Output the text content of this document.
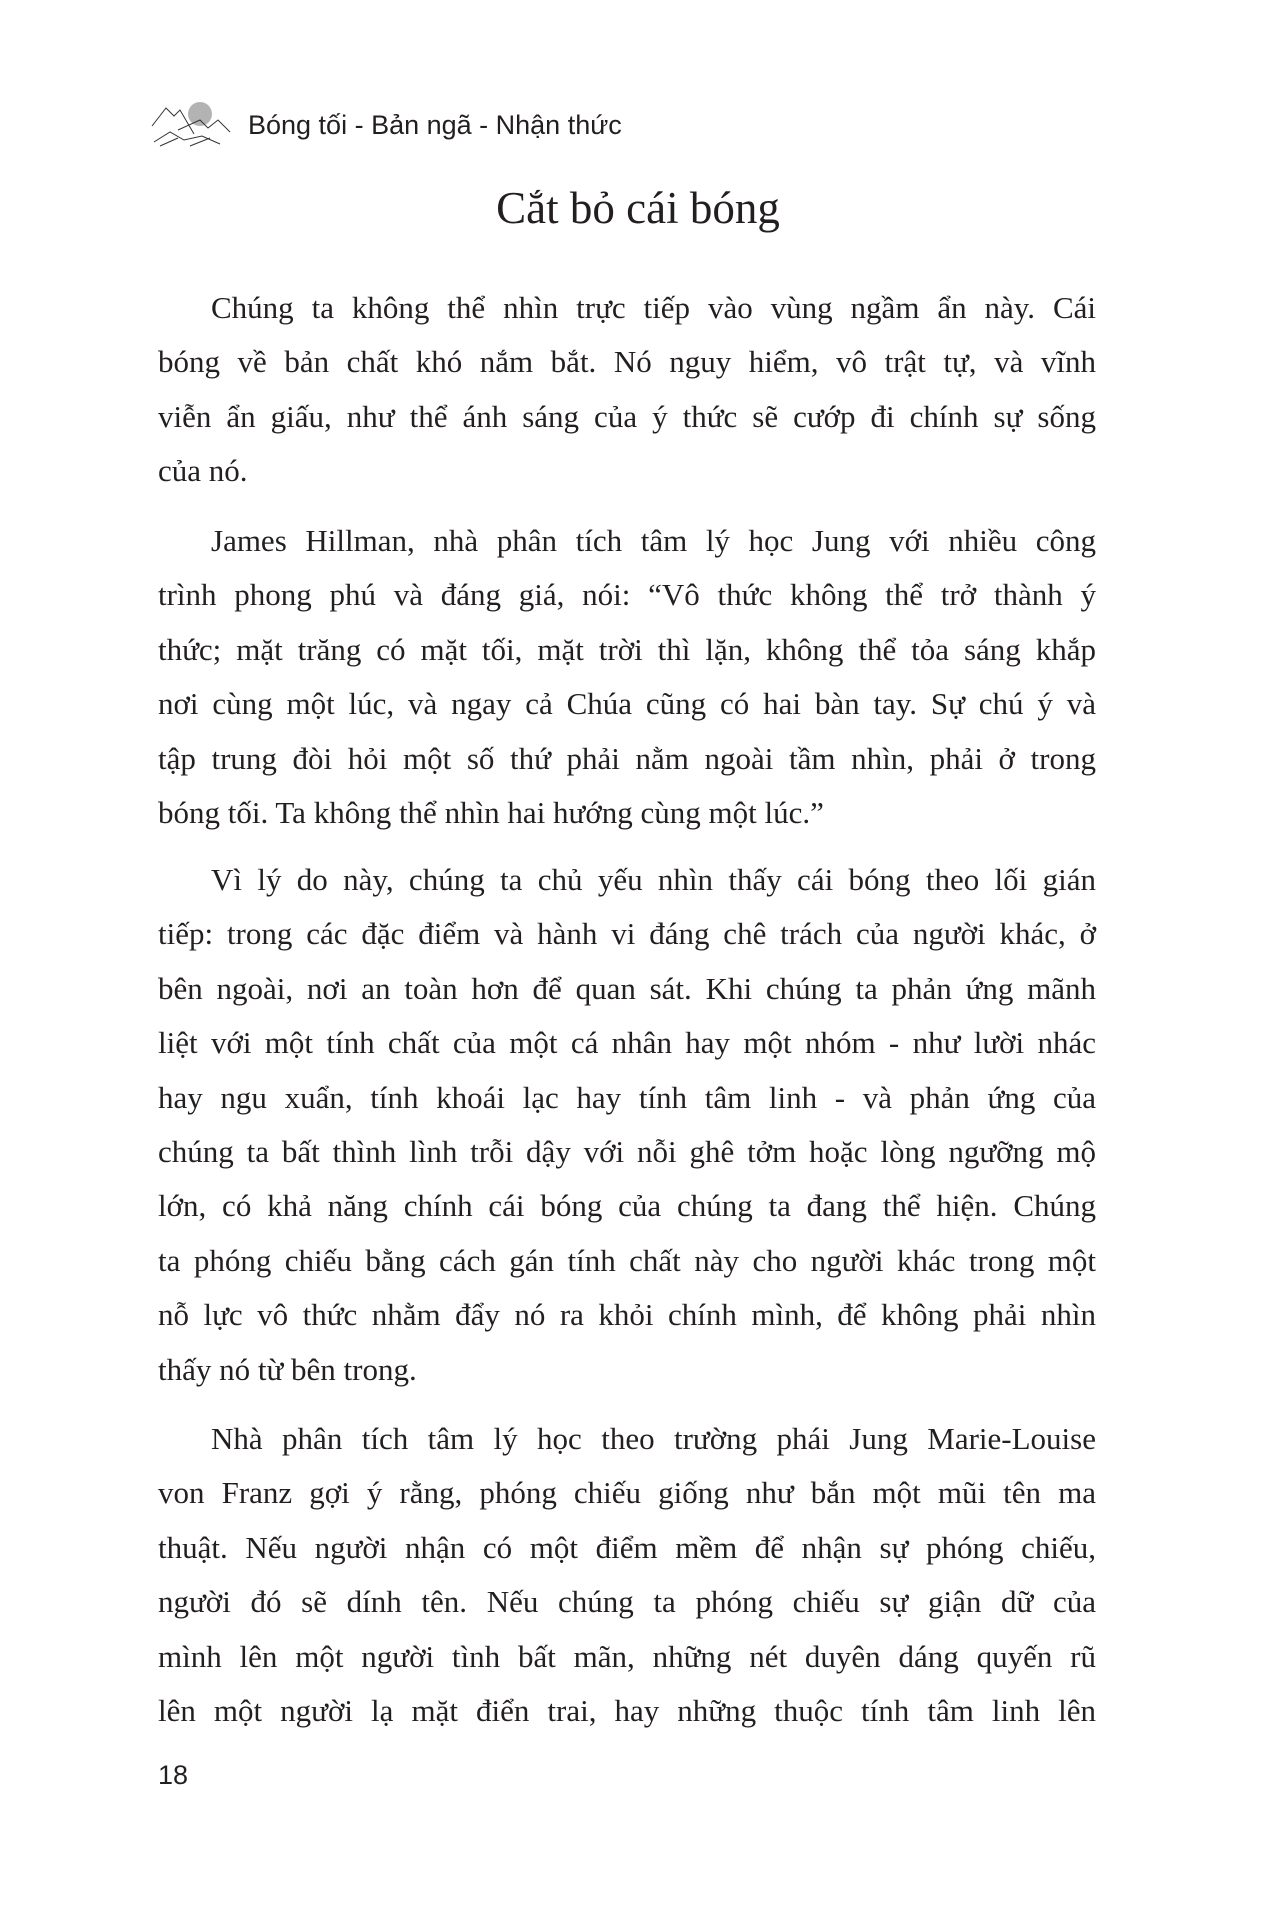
Bóng tối - Bản ngã - Nhận thức
Cắt bỏ cái bóng
Chúng ta không thể nhìn trực tiếp vào vùng ngầm ẩn này. Cái
bóng về bản chất khó nắm bắt. Nó nguy hiểm, vô trật tự, và vĩnh
viễn ẩn giấu, như thể ánh sáng của ý thức sẽ cướp đi chính sự sống
của nó.
James Hillman, nhà phân tích tâm lý học Jung với nhiều công
trình phong phú và đáng giá, nói: “Vô thức không thể trở thành ý
thức; mặt trăng có mặt tối, mặt trời thì lặn, không thể tỏa sáng khắp
nơi cùng một lúc, và ngay cả Chúa cũng có hai bàn tay. Sự chú ý và
tập trung đòi hỏi một số thứ phải nằm ngoài tầm nhìn, phải ở trong
bóng tối. Ta không thể nhìn hai hướng cùng một lúc.”
Vì lý do này, chúng ta chủ yếu nhìn thấy cái bóng theo lối gián
tiếp: trong các đặc điểm và hành vi đáng chê trách của người khác, ở
bên ngoài, nơi an toàn hơn để quan sát. Khi chúng ta phản ứng mãnh
liệt với một tính chất của một cá nhân hay một nhóm - như lười nhác
hay ngu xuẩn, tính khoái lạc hay tính tâm linh - và phản ứng của
chúng ta bất thình lình trỗi dậy với nỗi ghê tởm hoặc lòng ngưỡng mộ
lớn, có khả năng chính cái bóng của chúng ta đang thể hiện. Chúng
ta phóng chiếu bằng cách gán tính chất này cho người khác trong một
nỗ lực vô thức nhằm đẩy nó ra khỏi chính mình, để không phải nhìn
thấy nó từ bên trong.
Nhà phân tích tâm lý học theo trường phái Jung Marie-Louise
von Franz gợi ý rằng, phóng chiếu giống như bắn một mũi tên ma
thuật. Nếu người nhận có một điểm mềm để nhận sự phóng chiếu,
người đó sẽ dính tên. Nếu chúng ta phóng chiếu sự giận dữ của
mình lên một người tình bất mãn, những nét duyên dáng quyến rũ
lên một người lạ mặt điển trai, hay những thuộc tính tâm linh lên
18
